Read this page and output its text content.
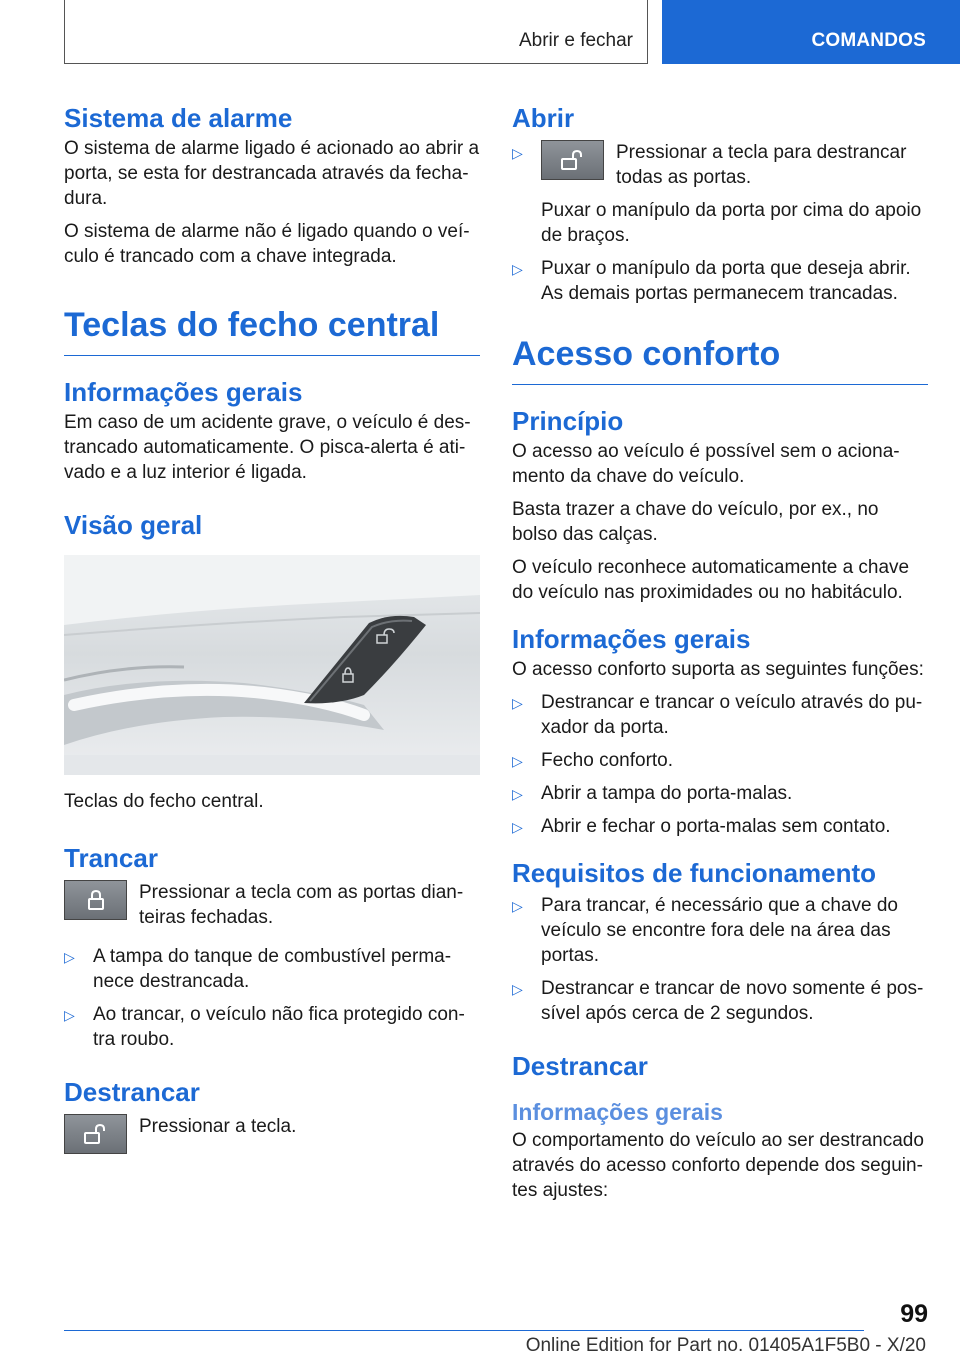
Abrir e fechar	COMANDOS
Sistema de alarme

O sistema de alarme ligado é acionado ao abrir a porta, se esta for destrancada através da fechadura.

O sistema de alarme não é ligado quando o veículo é trancado com a chave integrada.

Teclas do fecho central
Informações gerais

Em caso de um acidente grave, o veículo é destrancado automaticamente. O pisca-alerta é ativado e a luz interior é ligada.

Visão geral

Teclas do fecho central.

Trancar

Pressionar a tecla com as portas dianteiras fechadas.

▷ A tampa do tanque de combustível permanece destrancada.
▷ Ao trancar, o veículo não fica protegido contra roubo.
Destrancar

Pressionar a tecla.

Abrir
▷	Pressionar a tecla para destrancar todas as portas.
Puxar o manípulo da porta por cima do apoio de braços.
▷ Puxar o manípulo da porta que deseja abrir. As demais portas permanecem trancadas.
Acesso conforto
Princípio

O acesso ao veículo é possível sem o acionamento da chave do veículo.

Basta trazer a chave do veículo, por ex., no bolso das calças.

O veículo reconhece automaticamente a chave do veículo nas proximidades ou no habitáculo.

Informações gerais

O acesso conforto suporta as seguintes funções:

▷ Destrancar e trancar o veículo através do puxador da porta.
▷ Fecho conforto.
▷ Abrir a tampa do porta-malas.
▷ Abrir e fechar o porta-malas sem contato.
Requisitos de funcionamento
▷ Para trancar, é necessário que a chave do veículo se encontre fora dele na área das portas.
▷ Destrancar e trancar de novo somente é possível após cerca de 2 segundos.
Destrancar
Informações gerais

O comportamento do veículo ao ser destrancado através do acesso conforto depende dos seguintes ajustes:

99
Online Edition for Part no. 01405A1F5B0 - X/20
